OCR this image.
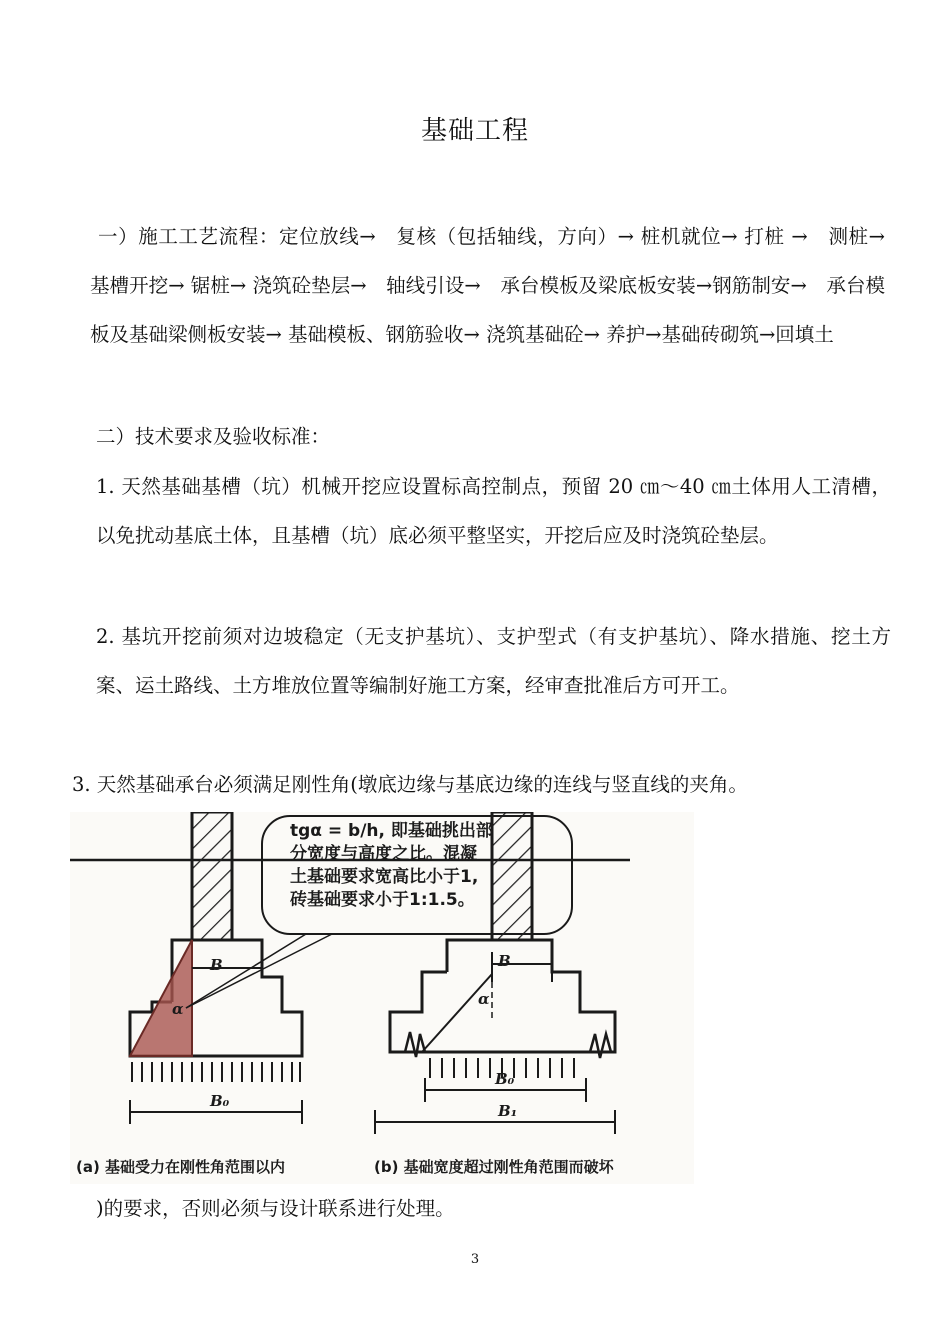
基础工程
一）施工工艺流程：定位放线→　复核（包括轴线，方向）→ 桩机就位→ 打桩 →　测桩→ 基槽开挖→ 锯桩→ 浇筑砼垫层→　轴线引设→　承台模板及梁底板安装→钢筋制安→　承台模板及基础梁侧板安装→ 基础模板、钢筋验收→ 浇筑基础砼→ 养护→基础砖砌筑→回填土
二）技术要求及验收标准：
1. 天然基础基槽（坑）机械开挖应设置标高控制点，预留 20 ㎝～40 ㎝土体用人工清槽，以免扰动基底土体，且基槽（坑）底必须平整坚实，开挖后应及时浇筑砼垫层。
2. 基坑开挖前须对边坡稳定（无支护基坑）、支护型式（有支护基坑）、降水措施、挖土方案、运土路线、土方堆放位置等编制好施工方案，经审查批准后方可开工。
3. 天然基础承台必须满足刚性角(墩底边缘与基底边缘的连线与竖直线的夹角。
tgα = b/h, 即基础挑出部
分宽度与高度之比。混凝
土基础要求宽高比小于1,
砖基础要求小于1:1.5。
B
α
B₀
B
α
B₀
B₁
(a) 基础受力在刚性角范围以内	(b) 基础宽度超过刚性角范围而破坏
)的要求，否则必须与设计联系进行处理。
3
